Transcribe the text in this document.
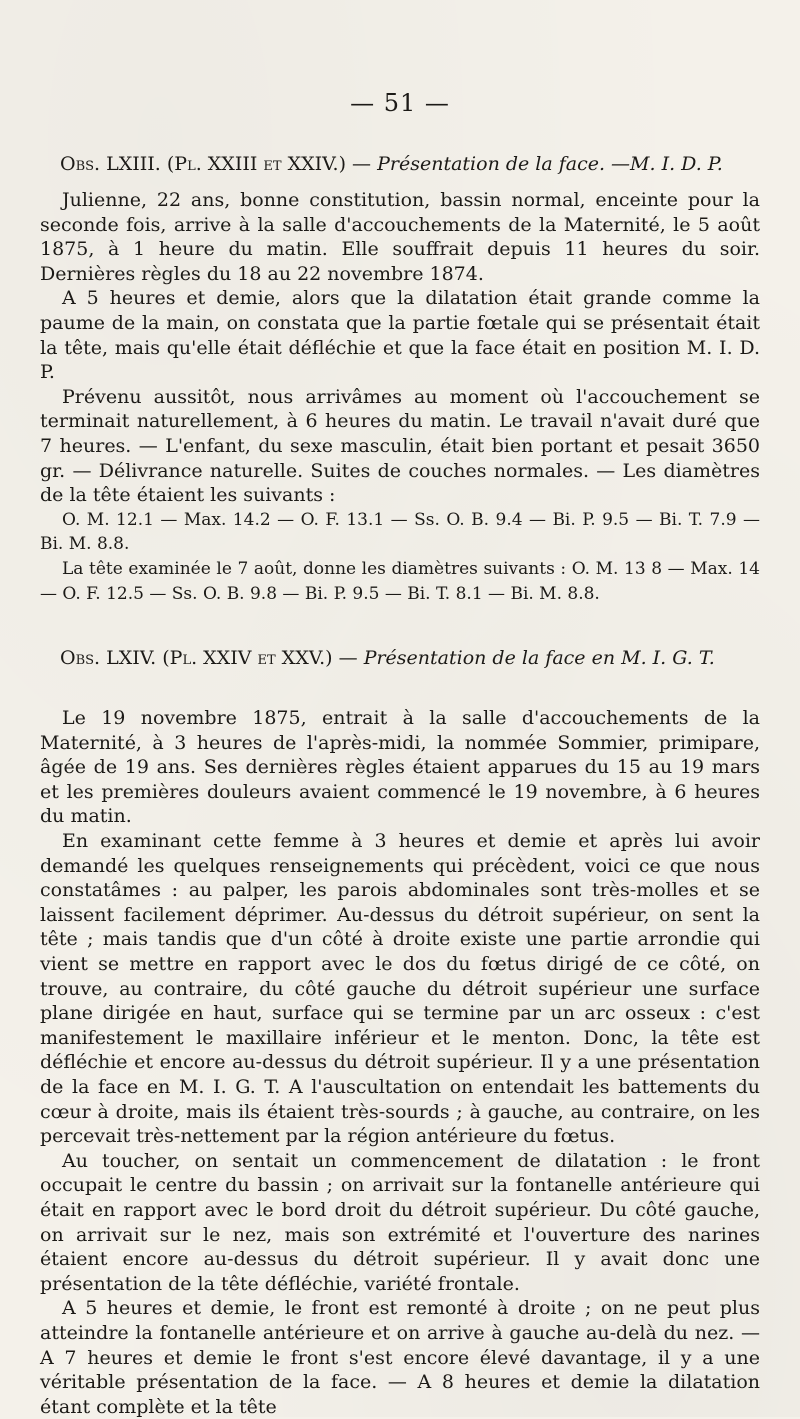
— 51 —
Obs. LXIII. (Pl. XXIII et XXIV.) — Présentation de la face. —M. I. D. P.

Julienne, 22 ans, bonne constitution, bassin normal, enceinte pour la seconde fois, arrive à la salle d'accouchements de la Maternité, le 5 août 1875, à 1 heure du matin. Elle souffrait depuis 11 heures du soir. Dernières règles du 18 au 22 novembre 1874.

A 5 heures et demie, alors que la dilatation était grande comme la paume de la main, on constata que la partie fœtale qui se présentait était la tête, mais qu'elle était défléchie et que la face était en position M. I. D. P.

Prévenu aussitôt, nous arrivâmes au moment où l'accouchement se terminait naturellement, à 6 heures du matin. Le travail n'avait duré que 7 heures. — L'enfant, du sexe masculin, était bien portant et pesait 3650 gr. — Délivrance naturelle. Suites de couches normales. — Les diamètres de la tête étaient les suivants :

O. M. 12.1 — Max. 14.2 — O. F. 13.1 — Ss. O. B. 9.4 — Bi. P. 9.5 — Bi. T. 7.9 — Bi. M. 8.8.

La tête examinée le 7 août, donne les diamètres suivants : O. M. 13 8 — Max. 14 — O. F. 12.5 — Ss. O. B. 9.8 — Bi. P. 9.5 — Bi. T. 8.1 — Bi. M. 8.8.

Obs. LXIV. (Pl. XXIV et XXV.) — Présentation de la face en M. I. G. T.

Le 19 novembre 1875, entrait à la salle d'accouchements de la Maternité, à 3 heures de l'après-midi, la nommée Sommier, primipare, âgée de 19 ans. Ses dernières règles étaient apparues du 15 au 19 mars et les premières douleurs avaient commencé le 19 novembre, à 6 heures du matin.

En examinant cette femme à 3 heures et demie et après lui avoir demandé les quelques renseignements qui précèdent, voici ce que nous constatâmes : au palper, les parois abdominales sont très-molles et se laissent facilement déprimer. Au-dessus du détroit supérieur, on sent la tête ; mais tandis que d'un côté à droite existe une partie arrondie qui vient se mettre en rapport avec le dos du fœtus dirigé de ce côté, on trouve, au contraire, du côté gauche du détroit supérieur une surface plane dirigée en haut, surface qui se termine par un arc osseux : c'est manifestement le maxillaire inférieur et le menton. Donc, la tête est défléchie et encore au-dessus du détroit supérieur. Il y a une présentation de la face en M. I. G. T. A l'auscultation on entendait les battements du cœur à droite, mais ils étaient très-sourds ; à gauche, au contraire, on les percevait très-nettement par la région antérieure du fœtus.

Au toucher, on sentait un commencement de dilatation : le front occupait le centre du bassin ; on arrivait sur la fontanelle antérieure qui était en rapport avec le bord droit du détroit supérieur. Du côté gauche, on arrivait sur le nez, mais son extrémité et l'ouverture des narines étaient encore au-dessus du détroit supérieur. Il y avait donc une présentation de la tête défléchie, variété frontale.

A 5 heures et demie, le front est remonté à droite ; on ne peut plus atteindre la fontanelle antérieure et on arrive à gauche au-delà du nez. — A 7 heures et demie le front s'est encore élevé davantage, il y a une véritable présentation de la face. — A 8 heures et demie la dilatation étant complète et la tête
